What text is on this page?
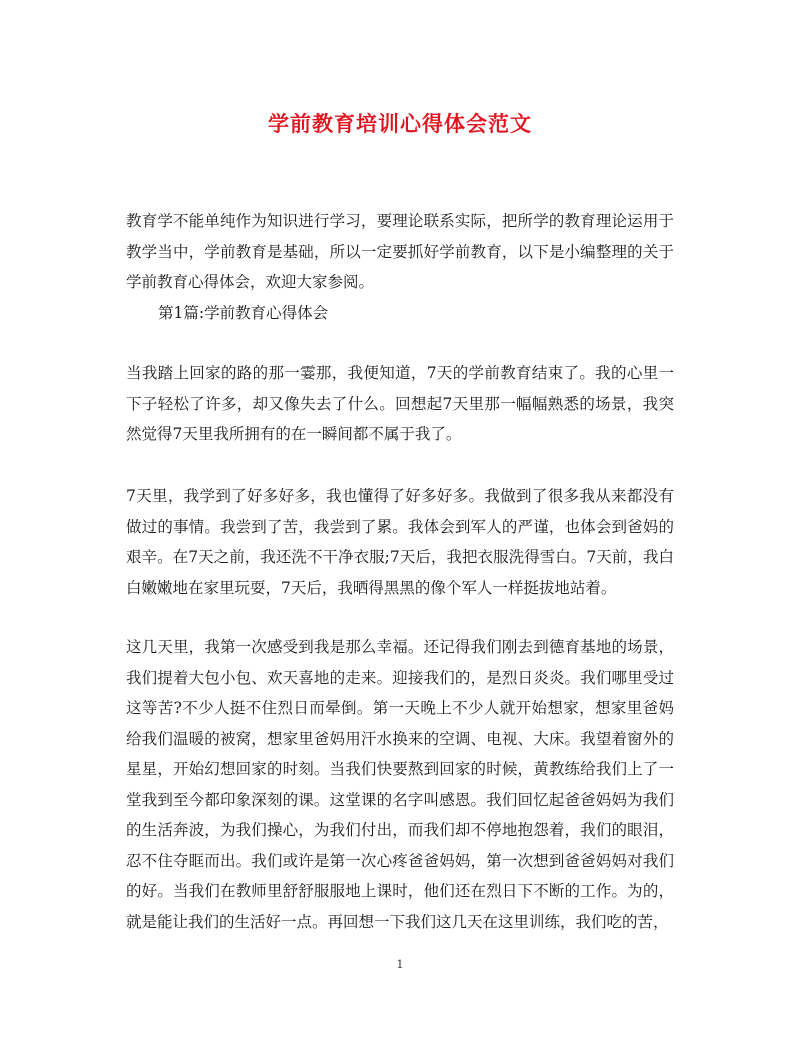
学前教育培训心得体会范文

教育学不能单纯作为知识进行学习，要理论联系实际，把所学的教育理论运用于教学当中，学前教育是基础，所以一定要抓好学前教育，以下是小编整理的关于学前教育心得体会，欢迎大家参阅。

第1篇:学前教育心得体会

当我踏上回家的路的那一霎那，我便知道，7天的学前教育结束了。我的心里一下子轻松了许多，却又像失去了什么。回想起7天里那一幅幅熟悉的场景，我突然觉得7天里我所拥有的在一瞬间都不属于我了。

7天里，我学到了好多好多，我也懂得了好多好多。我做到了很多我从来都没有做过的事情。我尝到了苦，我尝到了累。我体会到军人的严谨，也体会到爸妈的艰辛。在7天之前，我还洗不干净衣服;7天后，我把衣服洗得雪白。7天前，我白白嫩嫩地在家里玩耍，7天后，我晒得黑黑的像个军人一样挺拔地站着。

这几天里，我第一次感受到我是那么幸福。还记得我们刚去到德育基地的场景，我们提着大包小包、欢天喜地的走来。迎接我们的，是烈日炎炎。我们哪里受过这等苦?不少人挺不住烈日而晕倒。第一天晚上不少人就开始想家，想家里爸妈给我们温暖的被窝，想家里爸妈用汗水换来的空调、电视、大床。我望着窗外的星星，开始幻想回家的时刻。当我们快要熬到回家的时候，黄教练给我们上了一堂我到至今都印象深刻的课。这堂课的名字叫感恩。我们回忆起爸爸妈妈为我们的生活奔波，为我们操心，为我们付出，而我们却不停地抱怨着，我们的眼泪，忍不住夺眶而出。我们或许是第一次心疼爸爸妈妈，第一次想到爸爸妈妈对我们的好。当我们在教师里舒舒服服地上课时，他们还在烈日下不断的工作。为的，就是能让我们的生活好一点。再回想一下我们这几天在这里训练，我们吃的苦，

1
